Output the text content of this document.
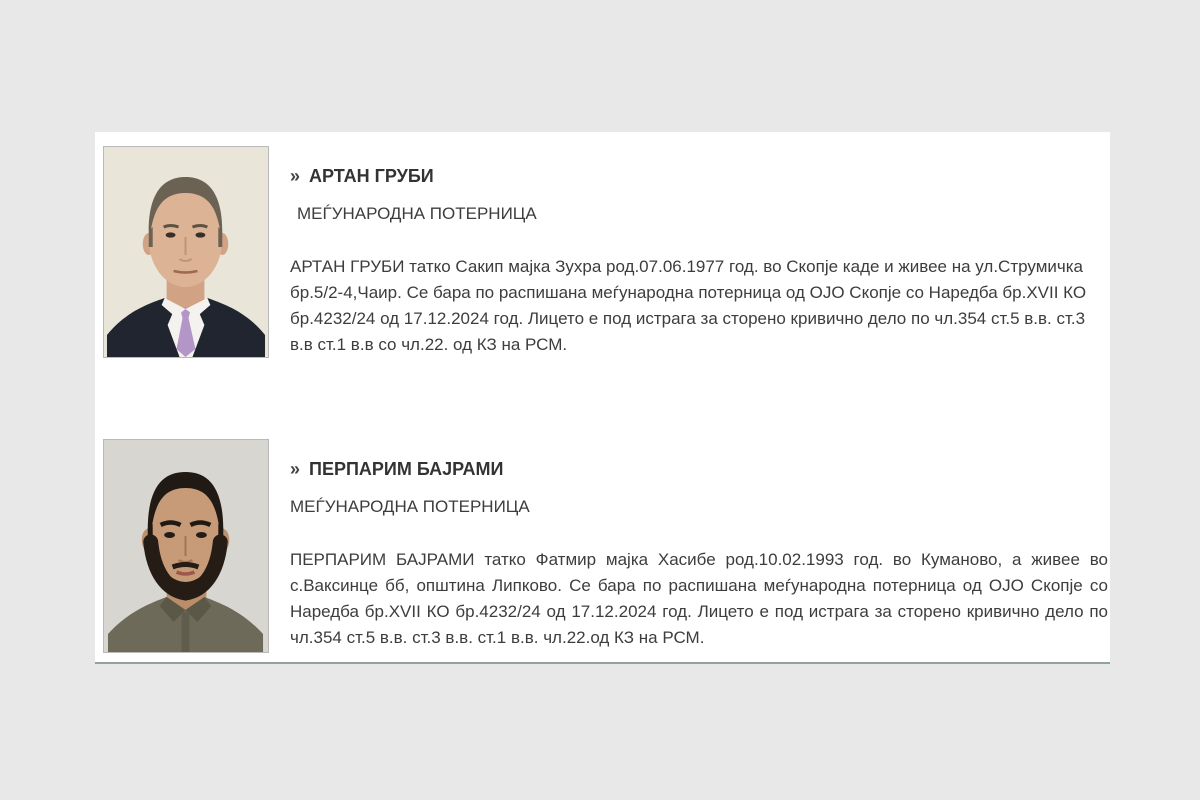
» АРТАН ГРУБИ
МЕЃУНАРОДНА ПОТЕРНИЦА

АРТАН ГРУБИ татко Сакип мајка Зухра род.07.06.1977 год. во Скопје каде и живее на ул.Струмичка бр.5/2-4,Чаир. Се бара по распишана меѓународна потерница од ОЈО Скопје со Наредба бр.XVII КО бр.4232/24 од 17.12.2024 год. Лицето е под истрага за сторено кривично дело по чл.354 ст.5 в.в. ст.3 в.в ст.1 в.в со чл.22. од КЗ на РСМ.

» ПЕРПАРИМ БАЈРАМИ
МЕЃУНАРОДНА ПОТЕРНИЦА

ПЕРПАРИМ БАЈРАМИ татко Фатмир мајка Хасибе род.10.02.1993 год. во Куманово, а живее во с.Ваксинце бб, општина Липково. Се бара по распишана меѓународна потерница од ОЈО Скопје со Наредба бр.XVII КО бр.4232/24 од 17.12.2024 год. Лицето е под истрага за сторено кривично дело по чл.354 ст.5 в.в. ст.3 в.в. ст.1 в.в. чл.22.од КЗ на РСМ.
